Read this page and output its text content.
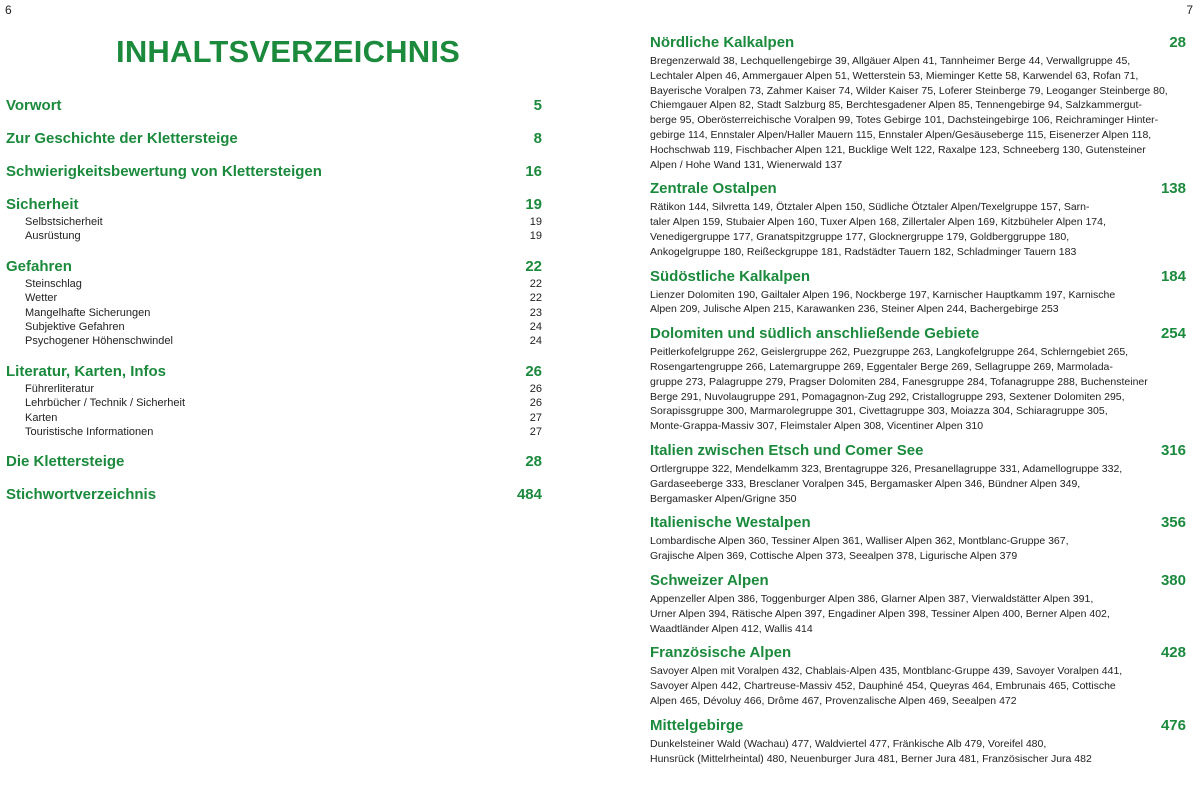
6
INHALTSVERZEICHNIS
Vorwort	5
Zur Geschichte der Klettersteige	8
Schwierigkeitsbewertung von Klettersteigen	16
Sicherheit	19
Selbstsicherheit	19
Ausrüstung	19
Gefahren	22
Steinschlag	22
Wetter	22
Mangelhafte Sicherungen	23
Subjektive Gefahren	24
Psychogener Höhenschwindel	24
Literatur, Karten, Infos	26
Führerliteratur	26
Lehrbücher / Technik / Sicherheit	26
Karten	27
Touristische Informationen	27
Die Klettersteige	28
Stichwortverzeichnis	484
7
Nördliche Kalkalpen	28
Bregenzerwald 38, Lechquellengebirge 39, Allgäuer Alpen 41, Tannheimer Berge 44, Verwallgruppe 45,
Lechtaler Alpen 46, Ammergauer Alpen 51, Wetterstein 53, Mieminger Kette 58, Karwendel 63, Rofan 71,
Bayerische Voralpen 73, Zahmer Kaiser 74, Wilder Kaiser 75, Loferer Steinberge 79, Leoganger Steinberge 80,
Chiemgauer Alpen 82, Stadt Salzburg 85, Berchtesgadener Alpen 85, Tennengebirge 94, Salzkammergut-
berge 95, Oberösterreichische Voralpen 99, Totes Gebirge 101, Dachsteingebirge 106, Reichraminger Hinter-
gebirge 114, Ennstaler Alpen/Haller Mauern 115, Ennstaler Alpen/Gesäuseberge 115, Eisenerzer Alpen 118,
Hochschwab 119, Fischbacher Alpen 121, Bucklige Welt 122, Raxalpe 123, Schneeberg 130, Gutensteiner
Alpen / Hohe Wand 131, Wienerwald 137
Zentrale Ostalpen	138
Rätikon 144, Silvretta 149, Ötztaler Alpen 150, Südliche Ötztaler Alpen/Texelgruppe 157, Sarn-
taler Alpen 159, Stubaier Alpen 160, Tuxer Alpen 168, Zillertaler Alpen 169, Kitzbüheler Alpen 174,
Venedigergruppe 177, Granatspitzgruppe 177, Glocknergruppe 179, Goldberggruppe 180,
Ankogelgruppe 180, Reißeckgruppe 181, Radstädter Tauern 182, Schladminger Tauern 183
Südöstliche Kalkalpen	184
Lienzer Dolomiten 190, Gailtaler Alpen 196, Nockberge 197, Karnischer Hauptkamm 197, Karnische
Alpen 209, Julische Alpen 215, Karawanken 236, Steiner Alpen 244, Bachergebirge 253
Dolomiten und südlich anschließende Gebiete	254
Peitlerkofelgruppe 262, Geislergruppe 262, Puezgruppe 263, Langkofelgruppe 264, Schlerngebiet 265,
Rosengartengruppe 266, Latemargruppe 269, Eggentaler Berge 269, Sellagruppe 269, Marmolada-
gruppe 273, Palagruppe 279, Pragser Dolomiten 284, Fanesgruppe 284, Tofanagruppe 288, Buchensteiner
Berge 291, Nuvolaugruppe 291, Pomagagnon-Zug 292, Cristallogruppe 293, Sextener Dolomiten 295,
Sorapissgruppe 300, Marmarolegruppe 301, Civettagruppe 303, Moiazza 304, Schiaragruppe 305,
Monte-Grappa-Massiv 307, Fleimstaler Alpen 308, Vicentiner Alpen 310
Italien zwischen Etsch und Comer See	316
Ortlergruppe 322, Mendelkamm 323, Brentagruppe 326, Presanellagruppe 331, Adamellogruppe 332,
Gardaseeberge 333, Bresclaner Voralpen 345, Bergamasker Alpen 346, Bündner Alpen 349,
Bergamasker Alpen/Grigne 350
Italienische Westalpen	356
Lombardische Alpen 360, Tessiner Alpen 361, Walliser Alpen 362, Montblanc-Gruppe 367,
Grajische Alpen 369, Cottische Alpen 373, Seealpen 378, Ligurische Alpen 379
Schweizer Alpen	380
Appenzeller Alpen 386, Toggenburger Alpen 386, Glarner Alpen 387, Vierwaldstätter Alpen 391,
Urner Alpen 394, Rätische Alpen 397, Engadiner Alpen 398, Tessiner Alpen 400, Berner Alpen 402,
Waadtländer Alpen 412, Wallis 414
Französische Alpen	428
Savoyer Alpen mit Voralpen 432, Chablais-Alpen 435, Montblanc-Gruppe 439, Savoyer Voralpen 441,
Savoyer Alpen 442, Chartreuse-Massiv 452, Dauphiné 454, Queyras 464, Embrunais 465, Cottische
Alpen 465, Dévoluy 466, Drôme 467, Provenzalische Alpen 469, Seealpen 472
Mittelgebirge	476
Dunkelsteiner Wald (Wachau) 477, Waldviertel 477, Fränkische Alb 479, Voreifel 480,
Hunsrück (Mittelrheintal) 480, Neuenburger Jura 481, Berner Jura 481, Französischer Jura 482
